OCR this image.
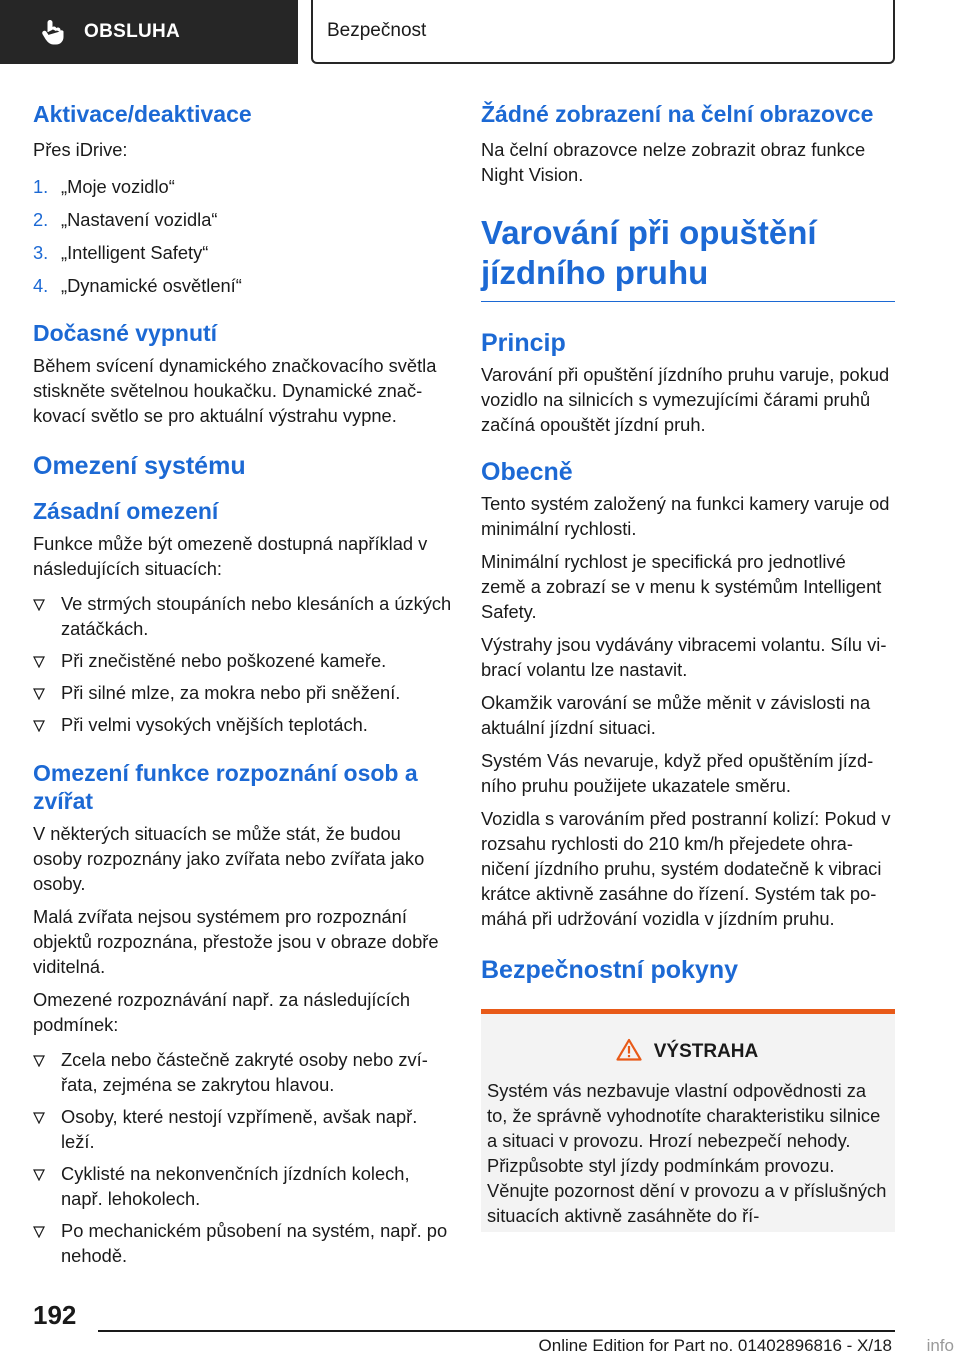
OBSLUHA	Bezpečnost
Aktivace/deaktivace
Přes iDrive:
1. „Moje vozidlo“
2. „Nastavení vozidla“
3. „Intelligent Safety“
4. „Dynamické osvětlení“
Dočasné vypnutí
Během svícení dynamického značkovacího světla stiskněte světelnou houkačku. Dynamické značkovací světlo se pro aktuální výstrahu vypne.
Omezení systému
Zásadní omezení
Funkce může být omezeně dostupná například v následujících situacích:
Ve strmých stoupáních nebo klesáních a úzkých zatáčkách.
Při znečistěné nebo poškozené kameře.
Při silné mlze, za mokra nebo při sněžení.
Při velmi vysokých vnějších teplotách.
Omezení funkce rozpoznání osob a zvířat
V některých situacích se může stát, že budou osoby rozpoznány jako zvířata nebo zvířata jako osoby.
Malá zvířata nejsou systémem pro rozpoznání objektů rozpoznána, přestože jsou v obraze dobře viditelná.
Omezené rozpoznávání např. za následujících podmínek:
Zcela nebo částečně zakryté osoby nebo zvířata, zejména se zakrytou hlavou.
Osoby, které nestojí vzpřímeně, avšak např. leží.
Cyklisté na nekonvenčních jízdních kolech, např. lehokolech.
Po mechanickém působení na systém, např. po nehodě.
Žádné zobrazení na čelní obrazovce
Na čelní obrazovce nelze zobrazit obraz funkce Night Vision.
Varování při opuštění jízdního pruhu
Princip
Varování při opuštění jízdního pruhu varuje, pokud vozidlo na silnicích s vymezujícími čárami pruhů začíná opouštět jízdní pruh.
Obecně
Tento systém založený na funkci kamery varuje od minimální rychlosti.
Minimální rychlost je specifická pro jednotlivé země a zobrazí se v menu k systémům Intelligent Safety.
Výstrahy jsou vydávány vibracemi volantu. Sílu vibrací volantu lze nastavit.
Okamžik varování se může měnit v závislosti na aktuální jízdní situaci.
Systém Vás nevaruje, když před opuštěním jízdního pruhu použijete ukazatele směru.
Vozidla s varováním před postranní kolizí: Pokud v rozsahu rychlosti do 210 km/h přejedete ohraničení jízdního pruhu, systém dodatečně k vibraci krátce aktivně zasáhne do řízení. Systém tak pomáhá při udržování vozidla v jízdním pruhu.
Bezpečnostní pokyny
VÝSTRAHA
Systém vás nezbavuje vlastní odpovědnosti za to, že správně vyhodnotíte charakteristiku silnice a situaci v provozu. Hrozí nebezpečí nehody. Přizpůsobte styl jízdy podmínkám provozu. Věnujte pozornost dění v provozu a v příslušných situacích aktivně zasáhněte do ří-
192
Online Edition for Part no. 01402896816 - X/18 info
